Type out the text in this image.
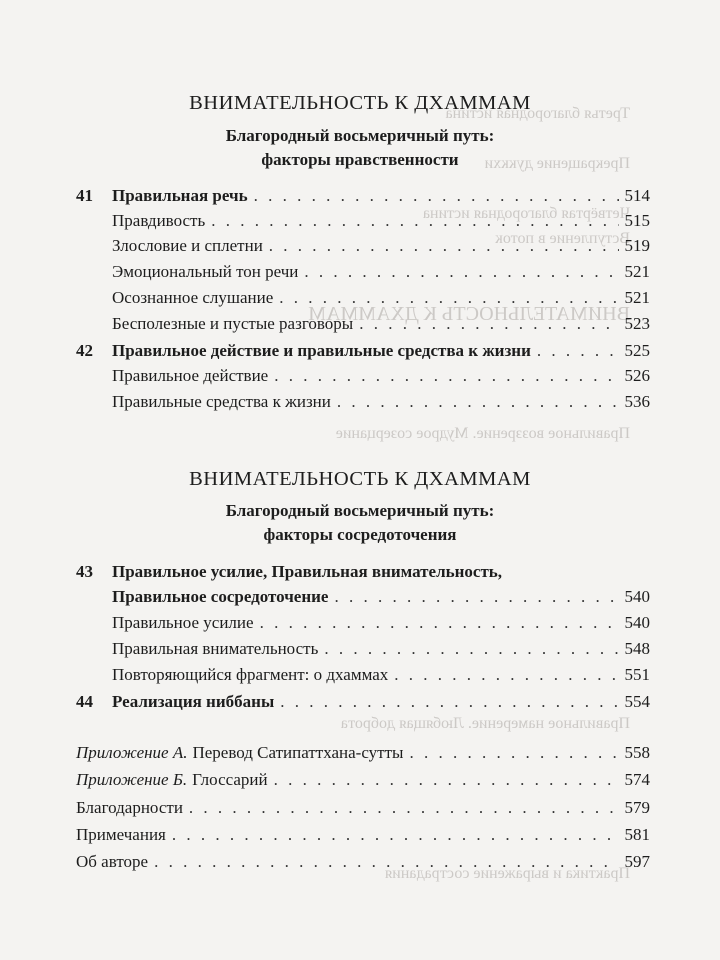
ВНИМАТЕЛЬНОСТЬ К ДХАММАМ
Третья благородная истина
Прекращение дуккхи
Четвёртая благородная истина
Вступление в поток
Правильное воззрение. Мудрое созерцание
Правильное намерение. Любящая доброта
Практика и выражение сострадания
ВНИМАТЕЛЬНОСТЬ К ДХАММАМ
Благородный восьмеричный путь:
факторы нравственности
41	Правильная речь . . .	514
Правдивость . . .	515
Злословие и сплетни . . .	519
Эмоциональный тон речи . . .	521
Осознанное слушание . . .	521
Бесполезные и пустые разговоры . . .	523
42	Правильное действие и правильные средства к жизни . . .	525
Правильное действие . . .	526
Правильные средства к жизни . . .	536
ВНИМАТЕЛЬНОСТЬ К ДХАММАМ
Благородный восьмеричный путь:
факторы сосредоточения
43 Правильное усилие, Правильная внимательность,
Правильное сосредоточение . . .	540
Правильное усилие . . .	540
Правильная внимательность . . .	548
Повторяющийся фрагмент: о дхаммах . . .	551
44	Реализация ниббаны . . .	554
Приложение А. Перевод Сатипаттхана-сутты . . .	558
Приложение Б. Глоссарий . . .	574
Благодарности . . .	579
Примечания . . .	581
Об авторе . . .	597
